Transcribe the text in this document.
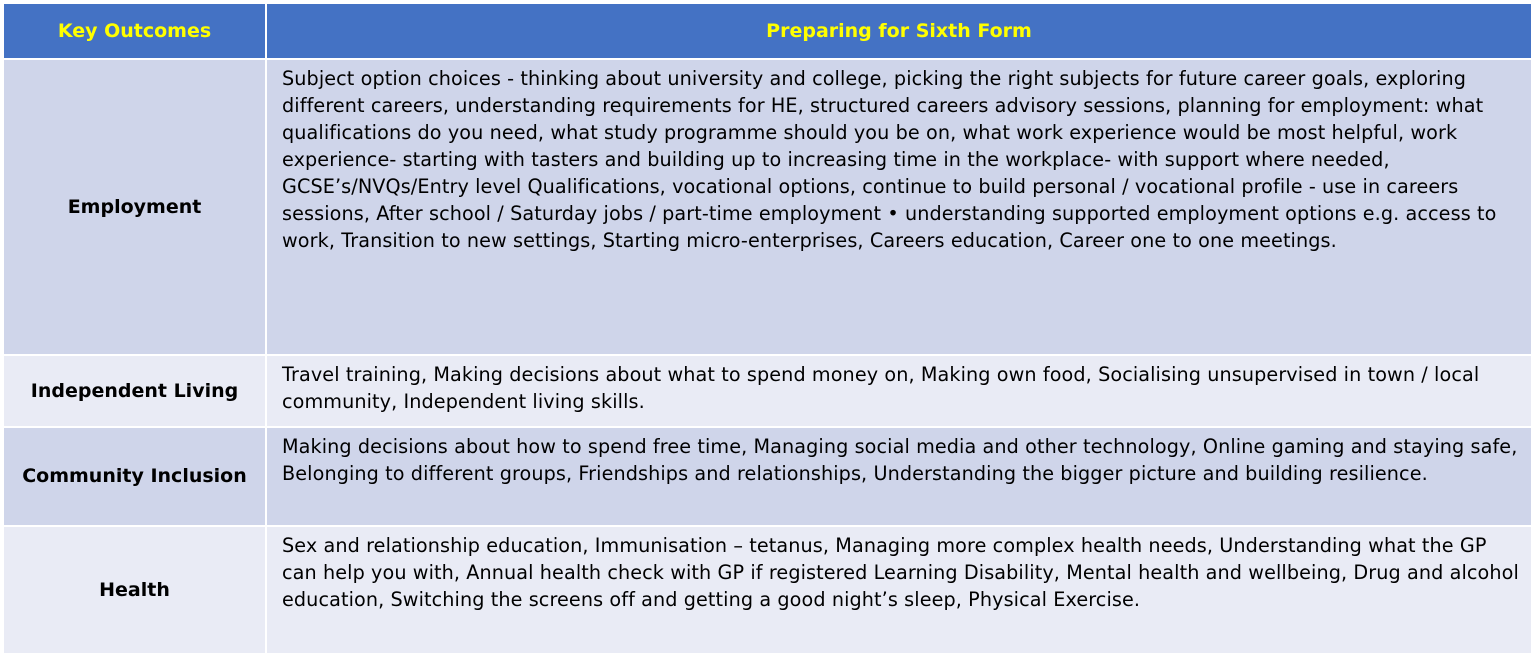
Key Outcomes	Preparing for Sixth Form
Employment	Subject option choices - thinking about university and college, picking the right subjects for future career goals, exploring different careers, understanding requirements for HE, structured careers advisory sessions, planning for employment: what qualifications do you need, what study programme should you be on, what work experience would be most helpful, work experience- starting with tasters and building up to increasing time in the workplace- with support where needed, GCSE’s/NVQs/Entry level Qualifications, vocational options, continue to build personal / vocational profile - use in careers sessions, After school / Saturday jobs / part-time employment • understanding supported employment options e.g. access to work, Transition to new settings, Starting micro-enterprises, Careers education, Career one to one meetings.
Independent Living	Travel training, Making decisions about what to spend money on, Making own food, Socialising unsupervised in town / local community, Independent living skills.
Community Inclusion	Making decisions about how to spend free time, Managing social media and other technology, Online gaming and staying safe, Belonging to different groups, Friendships and relationships, Understanding the bigger picture and building resilience.
Health	Sex and relationship education, Immunisation – tetanus, Managing more complex health needs, Understanding what the GP can help you with, Annual health check with GP if registered Learning Disability, Mental health and wellbeing, Drug and alcohol education, Switching the screens off and getting a good night’s sleep, Physical Exercise.
